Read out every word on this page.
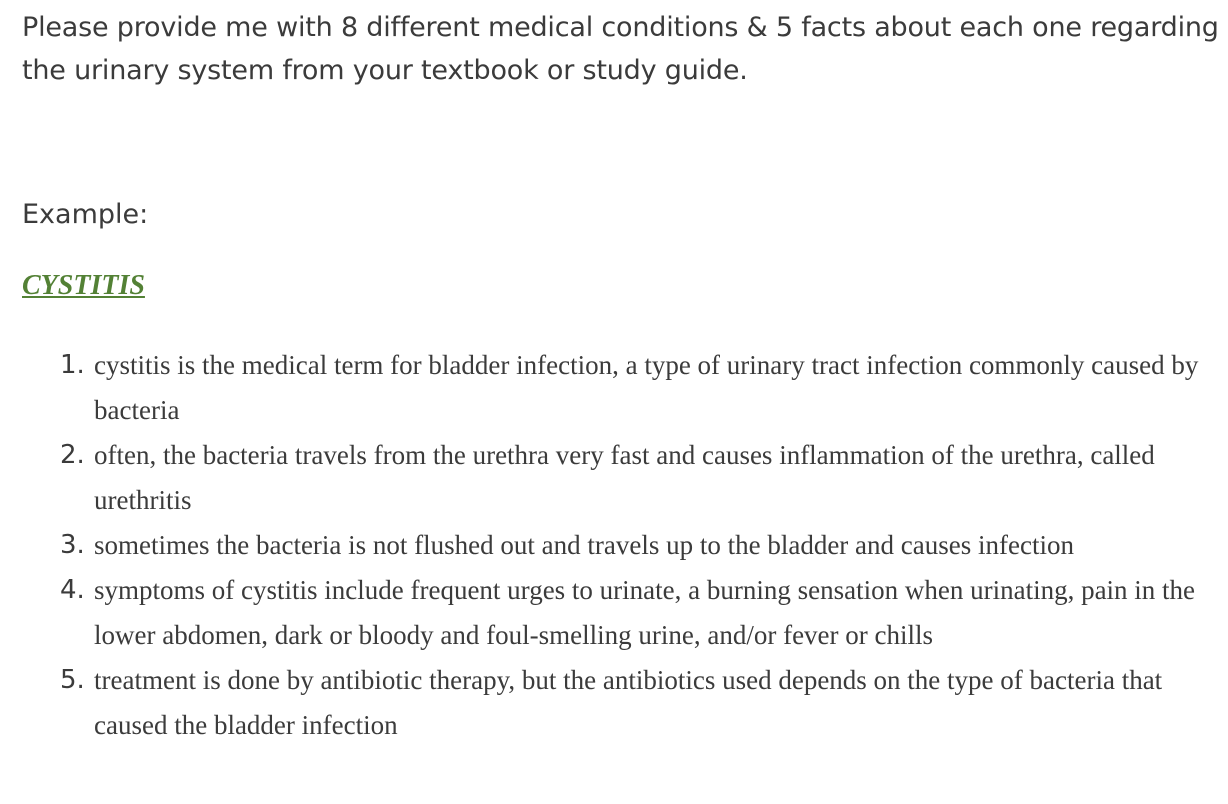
Please provide me with 8 different medical conditions & 5 facts about each one regarding
the urinary system from your textbook or study guide.

Example:

CYSTITIS

1. cystitis is the medical term for bladder infection, a type of urinary tract infection commonly caused by bacteria
2. often, the bacteria travels from the urethra very fast and causes inflammation of the urethra, called urethritis
3. sometimes the bacteria is not flushed out and travels up to the bladder and causes infection
4. symptoms of cystitis include frequent urges to urinate, a burning sensation when urinating, pain in the lower abdomen, dark or bloody and foul-smelling urine, and/or fever or chills
5. treatment is done by antibiotic therapy, but the antibiotics used depends on the type of bacteria that caused the bladder infection
